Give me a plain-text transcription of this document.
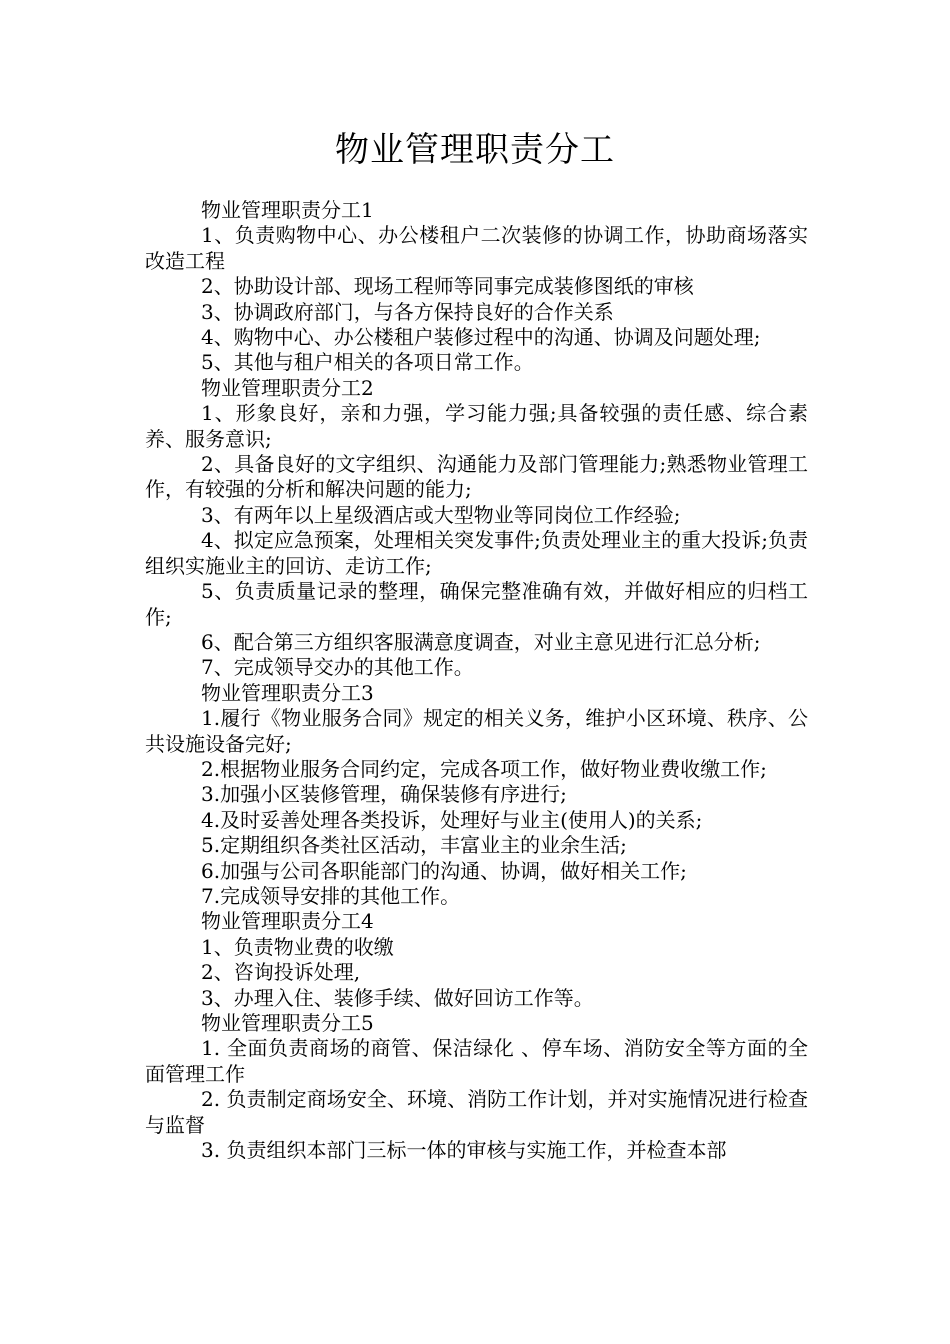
物业管理职责分工

物业管理职责分工1

1、负责购物中心、办公楼租户二次装修的协调工作，协助商场落实改造工程

2、协助设计部、现场工程师等同事完成装修图纸的审核

3、协调政府部门，与各方保持良好的合作关系

4、购物中心、办公楼租户装修过程中的沟通、协调及问题处理;

5、其他与租户相关的各项日常工作。

物业管理职责分工2

1、形象良好，亲和力强，学习能力强;具备较强的责任感、综合素养、服务意识;

2、具备良好的文字组织、沟通能力及部门管理能力;熟悉物业管理工作，有较强的分析和解决问题的能力;

3、有两年以上星级酒店或大型物业等同岗位工作经验;

4、拟定应急预案，处理相关突发事件;负责处理业主的重大投诉;负责组织实施业主的回访、走访工作;

5、负责质量记录的整理，确保完整准确有效，并做好相应的归档工作;

6、配合第三方组织客服满意度调查，对业主意见进行汇总分析;

7、完成领导交办的其他工作。

物业管理职责分工3

1.履行《物业服务合同》规定的相关义务，维护小区环境、秩序、公共设施设备完好;

2.根据物业服务合同约定，完成各项工作，做好物业费收缴工作;

3.加强小区装修管理，确保装修有序进行;

4.及时妥善处理各类投诉，处理好与业主(使用人)的关系;

5.定期组织各类社区活动，丰富业主的业余生活;

6.加强与公司各职能部门的沟通、协调，做好相关工作;

7.完成领导安排的其他工作。

物业管理职责分工4

1、负责物业费的收缴

2、咨询投诉处理,

3、办理入住、装修手续、做好回访工作等。

物业管理职责分工5

1. 全面负责商场的商管、保洁绿化 、停车场、消防安全等方面的全面管理工作

2. 负责制定商场安全、环境、消防工作计划，并对实施情况进行检查与监督

3. 负责组织本部门三标一体的审核与实施工作，并检查本部
